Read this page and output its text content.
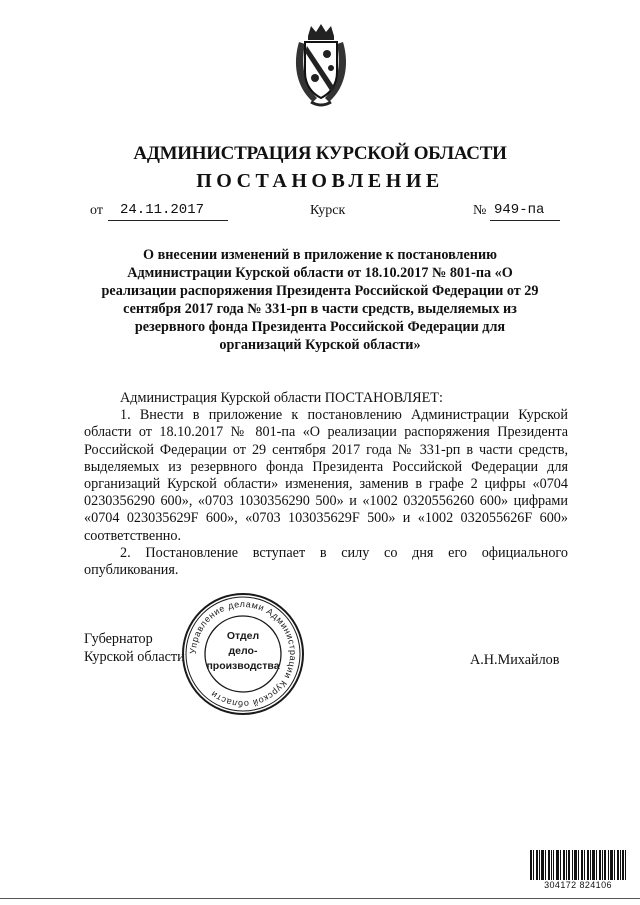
АДМИНИСТРАЦИЯ КУРСКОЙ ОБЛАСТИ
ПОСТАНОВЛЕНИЕ
от 24.11.2017	Курск	№ 949-па
О внесении изменений в приложение к постановлению Администрации Курской области от 18.10.2017 № 801-па «О реализации распоряжения Президента Российской Федерации от 29 сентября 2017 года № 331-рп в части средств, выделяемых из резервного фонда Президента Российской Федерации для организаций Курской области»

Администрация Курской области ПОСТАНОВЛЯЕТ:

1. Внести в приложение к постановлению Администрации Курской области от 18.10.2017 № 801-па «О реализации распоряжения Президента Российской Федерации от 29 сентября 2017 года № 331-рп в части средств, выделяемых из резервного фонда Президента Российской Федерации для организаций Курской области» изменения, заменив в графе 2 цифры «0704 0230356290 600», «0703 1030356290 500» и «1002 0320556260 600» цифрами «0704 023035629F 600», «0703 103035629F 500» и «1002 032055626F 600» соответственно.

2. Постановление вступает в силу со дня его официального опубликования.

Губернатор
Курской области	А.Н.Михайлов
Управление делами Администрации Курской области
Отдел
дело-
производства
304172 824106
